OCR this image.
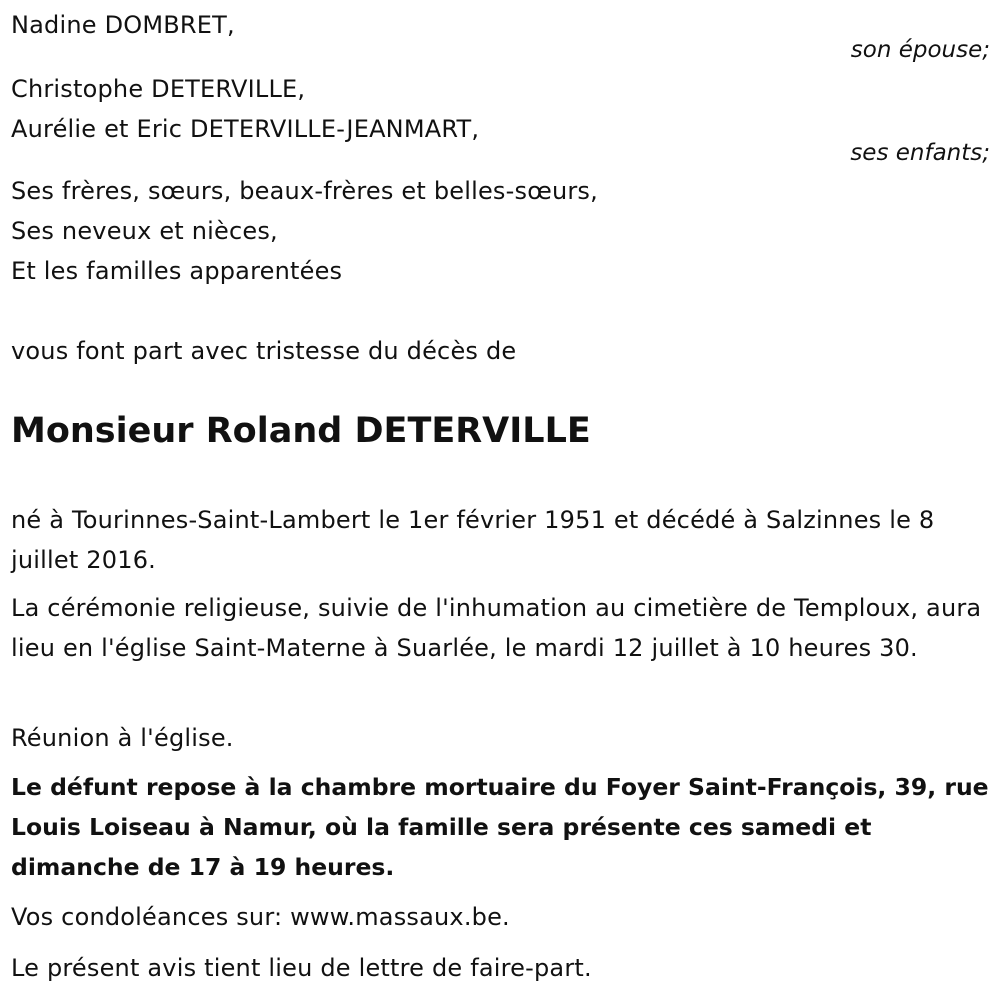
Nadine DOMBRET,
son épouse;
Christophe DETERVILLE,
Aurélie et Eric DETERVILLE-JEANMART,
ses enfants;
Ses frères, sœurs, beaux-frères et belles-sœurs,
Ses neveux et nièces,
Et les familles apparentées
vous font part avec tristesse du décès de
Monsieur Roland DETERVILLE
né à Tourinnes-Saint-Lambert le 1er février 1951 et décédé à Salzinnes le 8 juillet 2016.
La cérémonie religieuse, suivie de l'inhumation au cimetière de Temploux, aura lieu en l'église Saint-Materne à Suarlée, le mardi 12 juillet à 10 heures 30.
Réunion à l'église.
Le défunt repose à la chambre mortuaire du Foyer Saint-François, 39, rue Louis Loiseau à Namur, où la famille sera présente ces samedi et dimanche de 17 à 19 heures.
Vos condoléances sur: www.massaux.be.
Le présent avis tient lieu de lettre de faire-part.
